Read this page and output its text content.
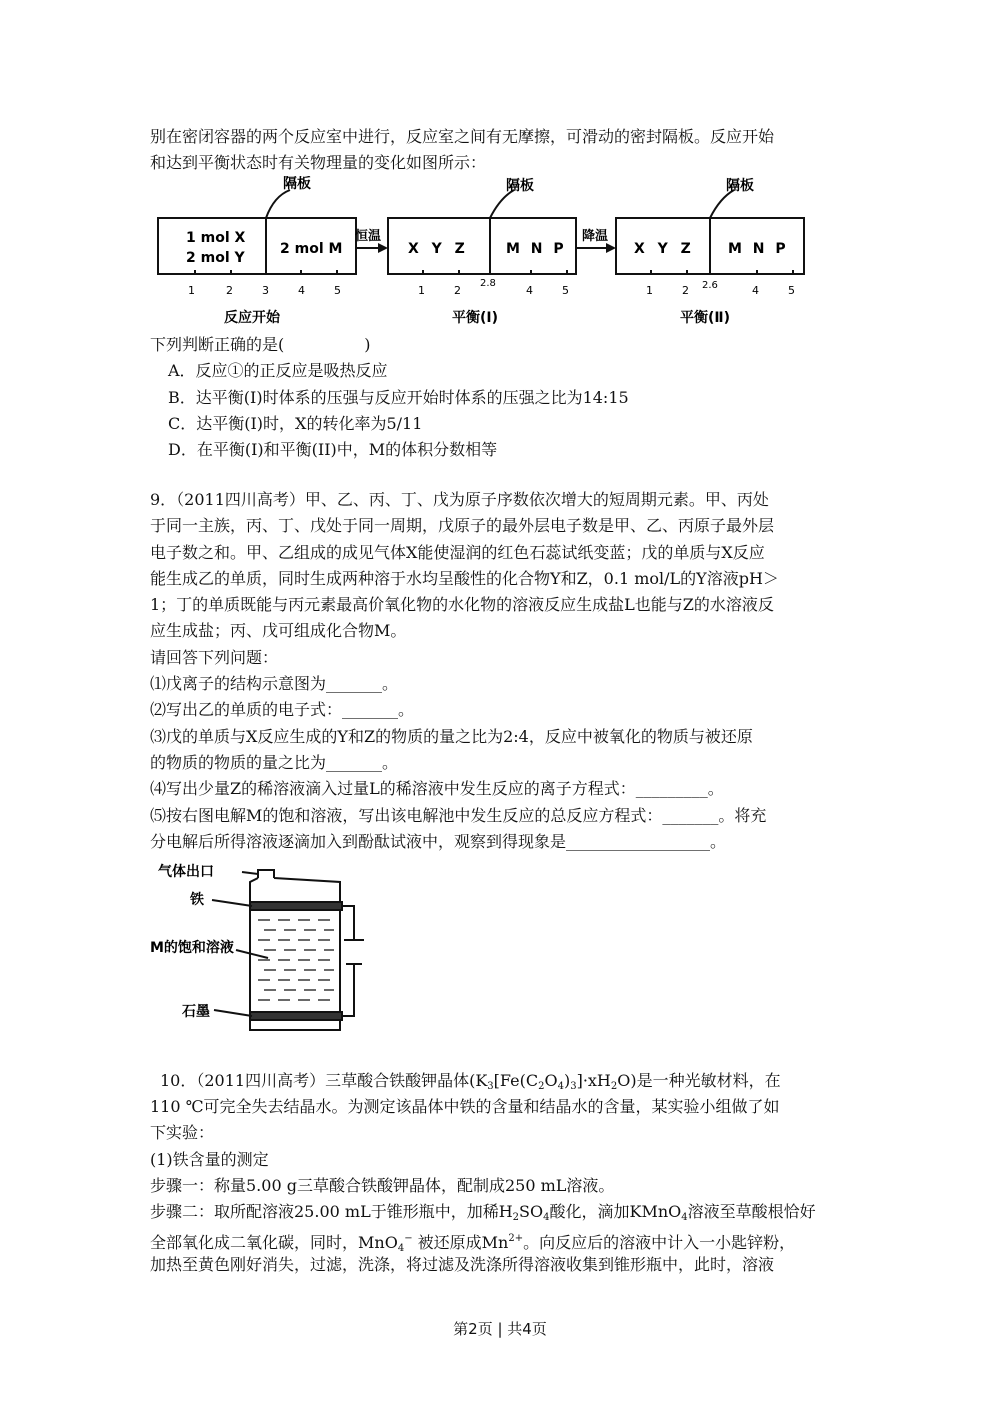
别在密闭容器的两个反应室中进行，反应室之间有无摩擦，可滑动的密封隔板。反应开始
和达到平衡状态时有关物理量的变化如图所示：
隔板	隔板	隔板
1 mol X
2 mol Y
2 mol M
恒温	降温
X Y Z	M N P	X Y Z	M N P
1	2	3	4	5	1	2
2.8
4	5	1	2 2.6	4	5
反应开始	平衡(Ⅰ)	平衡(Ⅱ)
下列判断正确的是(　　　　　)
A．反应①的正反应是吸热反应
B．达平衡(I)时体系的压强与反应开始时体系的压强之比为14:15
C．达平衡(I)时，X的转化率为5/11
D．在平衡(I)和平衡(II)中，M的体积分数相等
9．（2011四川高考）甲、乙、丙、丁、戊为原子序数依次增大的短周期元素。甲、丙处
于同一主族，丙、丁、戊处于同一周期，戊原子的最外层电子数是甲、乙、丙原子最外层
电子数之和。甲、乙组成的成见气体X能使湿润的红色石蕊试纸变蓝；戊的单质与X反应
能生成乙的单质，同时生成两种溶于水均呈酸性的化合物Y和Z，0.1 mol/L的Y溶液pH＞
1；丁的单质既能与丙元素最高价氧化物的水化物的溶液反应生成盐L也能与Z的水溶液反
应生成盐；丙、戊可组成化合物M。
请回答下列问题：
⑴戊离子的结构示意图为_______。
⑵写出乙的单质的电子式：_______。
⑶戊的单质与X反应生成的Y和Z的物质的量之比为2:4，反应中被氧化的物质与被还原
的物质的物质的量之比为_______。
⑷写出少量Z的稀溶液滴入过量L的稀溶液中发生反应的离子方程式：_________。
⑸按右图电解M的饱和溶液，写出该电解池中发生反应的总反应方程式：_______。将充
分电解后所得溶液逐滴加入到酚酞试液中，观察到得现象是__________________。
气体出口
铁
M的饱和溶液
石墨
10．（2011四川高考）三草酸合铁酸钾晶体$(K_3[Fe(C_2O_4)_3]\cdot xH_2O)$是一种光敏材料，在
110 ℃可完全失去结晶水。为测定该晶体中铁的含量和结晶水的含量，某实验小组做了如
下实验：
(1)铁含量的测定
步骤一：称量5.00 g三草酸合铁酸钾晶体，配制成250 mL溶液。
步骤二：取所配溶液25.00 mL于锥形瓶中，加稀$H_2SO_4$酸化，滴加KMnO$_4$溶液至草酸根恰好
全部氧化成二氧化碳，同时，MnO$_4$− 被还原成$Mn^{2+}$。向反应后的溶液中计入一小匙锌粉，
加热至黄色刚好消失，过滤，洗涤，将过滤及洗涤所得溶液收集到锥形瓶中，此时，溶液
第2页 | 共4页
